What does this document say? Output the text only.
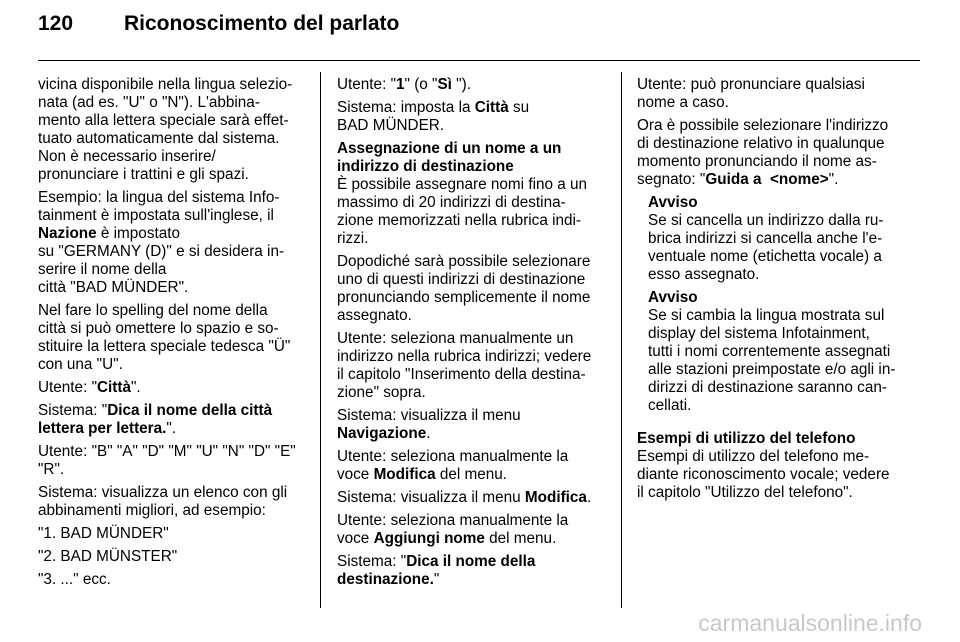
120 Riconoscimento del parlato

vicina disponibile nella lingua selezio-
nata (ad es. "U" o "N"). L'abbina-
mento alla lettera speciale sarà effet-
tuato automaticamente dal sistema.
Non è necessario inserire/
pronunciare i trattini e gli spazi.

Esempio: la lingua del sistema Info-
tainment è impostata sull'inglese, il
Nazione è impostato
su "GERMANY (D)" e si desidera in-
serire il nome della
città "BAD MÜNDER".

Nel fare lo spelling del nome della
città si può omettere lo spazio e so-
stituire la lettera speciale tedesca "Ü"
con una "U".

Utente: "Città".

Sistema: "Dica il nome della città
lettera per lettera.".

Utente: "B" "A" "D" "M" "U" "N" "D" "E"
"R".

Sistema: visualizza un elenco con gli
abbinamenti migliori, ad esempio:

"1. BAD MÜNDER"

"2. BAD MÜNSTER"

"3. ..." ecc.

Utente: "1" (o "Sì ").

Sistema: imposta la Città su
BAD MÜNDER.

Assegnazione di un nome a un
indirizzo di destinazione

È possibile assegnare nomi fino a un
massimo di 20 indirizzi di destina-
zione memorizzati nella rubrica indi-
rizzi.

Dopodiché sarà possibile selezionare
uno di questi indirizzi di destinazione
pronunciando semplicemente il nome
assegnato.

Utente: seleziona manualmente un
indirizzo nella rubrica indirizzi; vedere
il capitolo "Inserimento della destina-
zione" sopra.

Sistema: visualizza il menu
Navigazione.

Utente: seleziona manualmente la
voce Modifica del menu.

Sistema: visualizza il menu Modifica.

Utente: seleziona manualmente la
voce Aggiungi nome del menu.

Sistema: "Dica il nome della
destinazione."

Utente: può pronunciare qualsiasi
nome a caso.

Ora è possibile selezionare l'indirizzo
di destinazione relativo in qualunque
momento pronunciando il nome as-
segnato: "Guida a  <nome>".

Avviso

Se si cancella un indirizzo dalla ru-
brica indirizzi si cancella anche l'e-
ventuale nome (etichetta vocale) a
esso assegnato.

Avviso

Se si cambia la lingua mostrata sul
display del sistema Infotainment,
tutti i nomi correntemente assegnati
alle stazioni preimpostate e/o agli in-
dirizzi di destinazione saranno can-
cellati.

Esempi di utilizzo del telefono

Esempi di utilizzo del telefono me-
diante riconoscimento vocale; vedere
il capitolo "Utilizzo del telefono".

carmanualsonline.info
